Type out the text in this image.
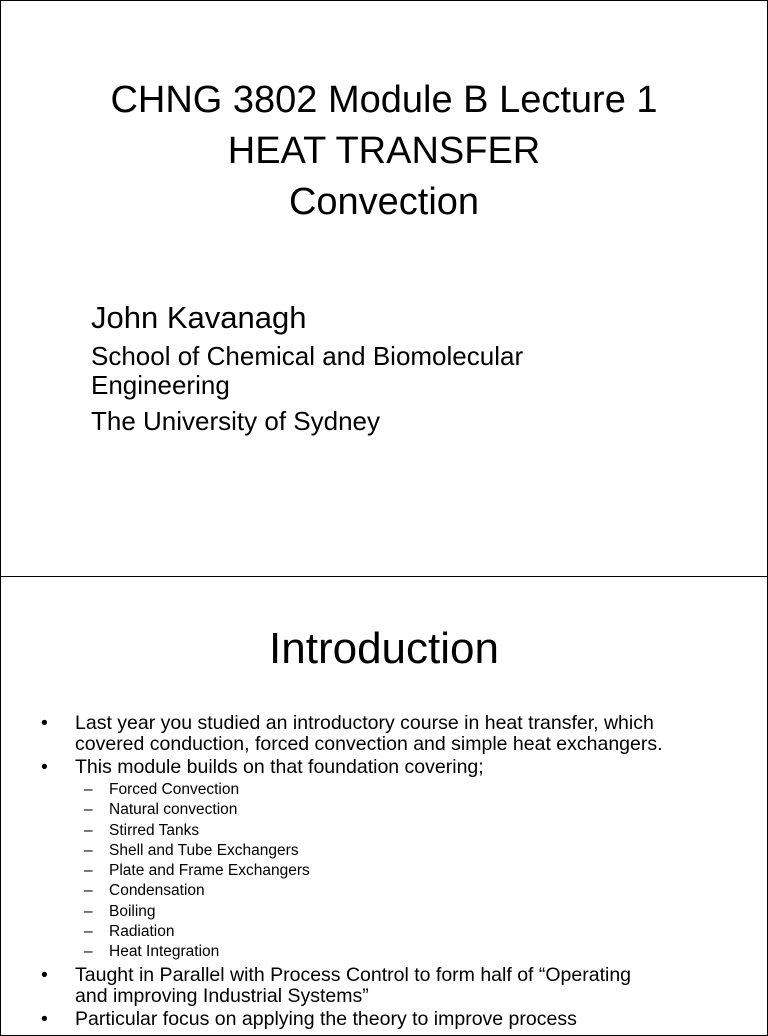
CHNG 3802 Module B Lecture 1
HEAT TRANSFER
Convection
John Kavanagh
School of Chemical and Biomolecular
Engineering
The University of Sydney
Introduction
• Last year you studied an introductory course in heat transfer, which
covered conduction, forced convection and simple heat exchangers.
• This module builds on that foundation covering;
– Forced Convection
– Natural convection
– Stirred Tanks
– Shell and Tube Exchangers
– Plate and Frame Exchangers
– Condensation
– Boiling
– Radiation
– Heat Integration
• Taught in Parallel with Process Control to form half of “Operating
and improving Industrial Systems”
• Particular focus on applying the theory to improve process
